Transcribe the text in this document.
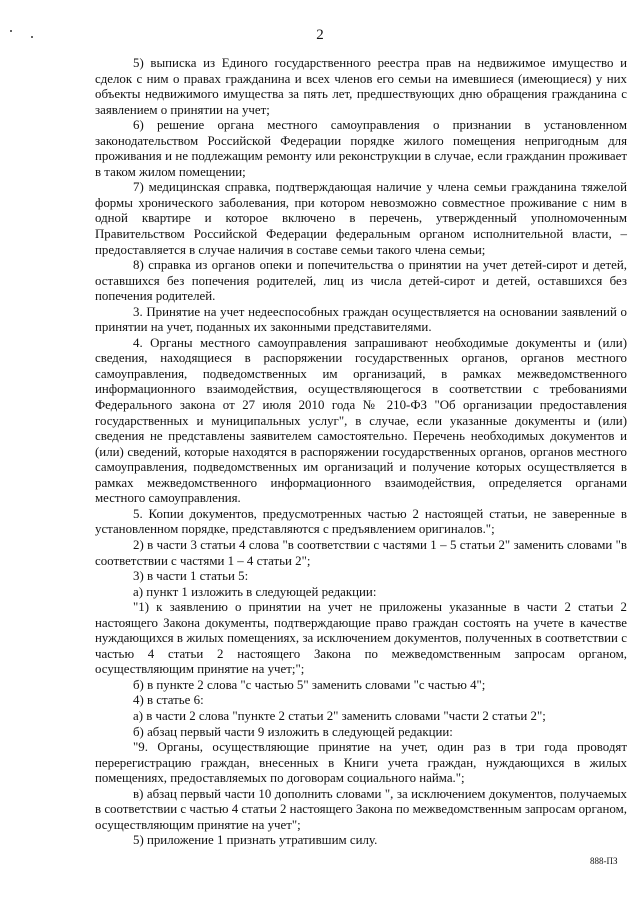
2

5) выписка из Единого государственного реестра прав на недвижимое имущество и сделок с ним о правах гражданина и всех членов его семьи на имевшиеся (имеющиеся) у них объекты недвижимого имущества за пять лет, предшествующих дню обращения гражданина с заявлением о принятии на учет;

6) решение органа местного самоуправления о признании в установленном законодательством Российской Федерации порядке жилого помещения непригодным для проживания и не подлежащим ремонту или реконструкции в случае, если гражданин проживает в таком жилом помещении;

7) медицинская справка, подтверждающая наличие у члена семьи гражданина тяжелой формы хронического заболевания, при котором невозможно совместное проживание с ним в одной квартире и которое включено в перечень, утвержденный уполномоченным Правительством Российской Федерации федеральным органом исполнительной власти, – предоставляется в случае наличия в составе семьи такого члена семьи;

8) справка из органов опеки и попечительства о принятии на учет детей-сирот и детей, оставшихся без попечения родителей, лиц из числа детей-сирот и детей, оставшихся без попечения родителей.

3. Принятие на учет недееспособных граждан осуществляется на основании заявлений о принятии на учет, поданных их законными представителями.

4. Органы местного самоуправления запрашивают необходимые документы и (или) сведения, находящиеся в распоряжении государственных органов, органов местного самоуправления, подведомственных им организаций, в рамках межведомственного информационного взаимодействия, осуществляющегося в соответствии с требованиями Федерального закона от 27 июля 2010 года № 210-ФЗ "Об организации предоставления государственных и муниципальных услуг", в случае, если указанные документы и (или) сведения не представлены заявителем самостоятельно. Перечень необходимых документов и (или) сведений, которые находятся в распоряжении государственных органов, органов местного самоуправления, подведомственных им организаций и получение которых осуществляется в рамках межведомственного информационного взаимодействия, определяется органами местного самоуправления.

5. Копии документов, предусмотренных частью 2 настоящей статьи, не заверенные в установленном порядке, представляются с предъявлением оригиналов.";

2) в части 3 статьи 4 слова "в соответствии с частями 1 – 5 статьи 2" заменить словами "в соответствии с частями 1 – 4 статьи 2";

3) в части 1 статьи 5:

а) пункт 1 изложить в следующей редакции:

"1) к заявлению о принятии на учет не приложены указанные в части 2 статьи 2 настоящего Закона документы, подтверждающие право граждан состоять на учете в качестве нуждающихся в жилых помещениях, за исключением документов, полученных в соответствии с частью 4 статьи 2 настоящего Закона по межведомственным запросам органом, осуществляющим принятие на учет;";

б) в пункте 2 слова "с частью 5" заменить словами "с частью 4";

4) в статье 6:

а) в части 2 слова "пункте 2 статьи 2" заменить словами "части 2 статьи 2";

б) абзац первый части 9 изложить в следующей редакции:

"9. Органы, осуществляющие принятие на учет, один раз в три года проводят перерегистрацию граждан, внесенных в Книги учета граждан, нуждающихся в жилых помещениях, предоставляемых по договорам социального найма.";

в) абзац первый части 10 дополнить словами ", за исключением документов, получаемых в соответствии с частью 4 статьи 2 настоящего Закона по межведомственным запросам органом, осуществляющим принятие на учет";

5) приложение 1 признать утратившим силу.

888-ПЗ
